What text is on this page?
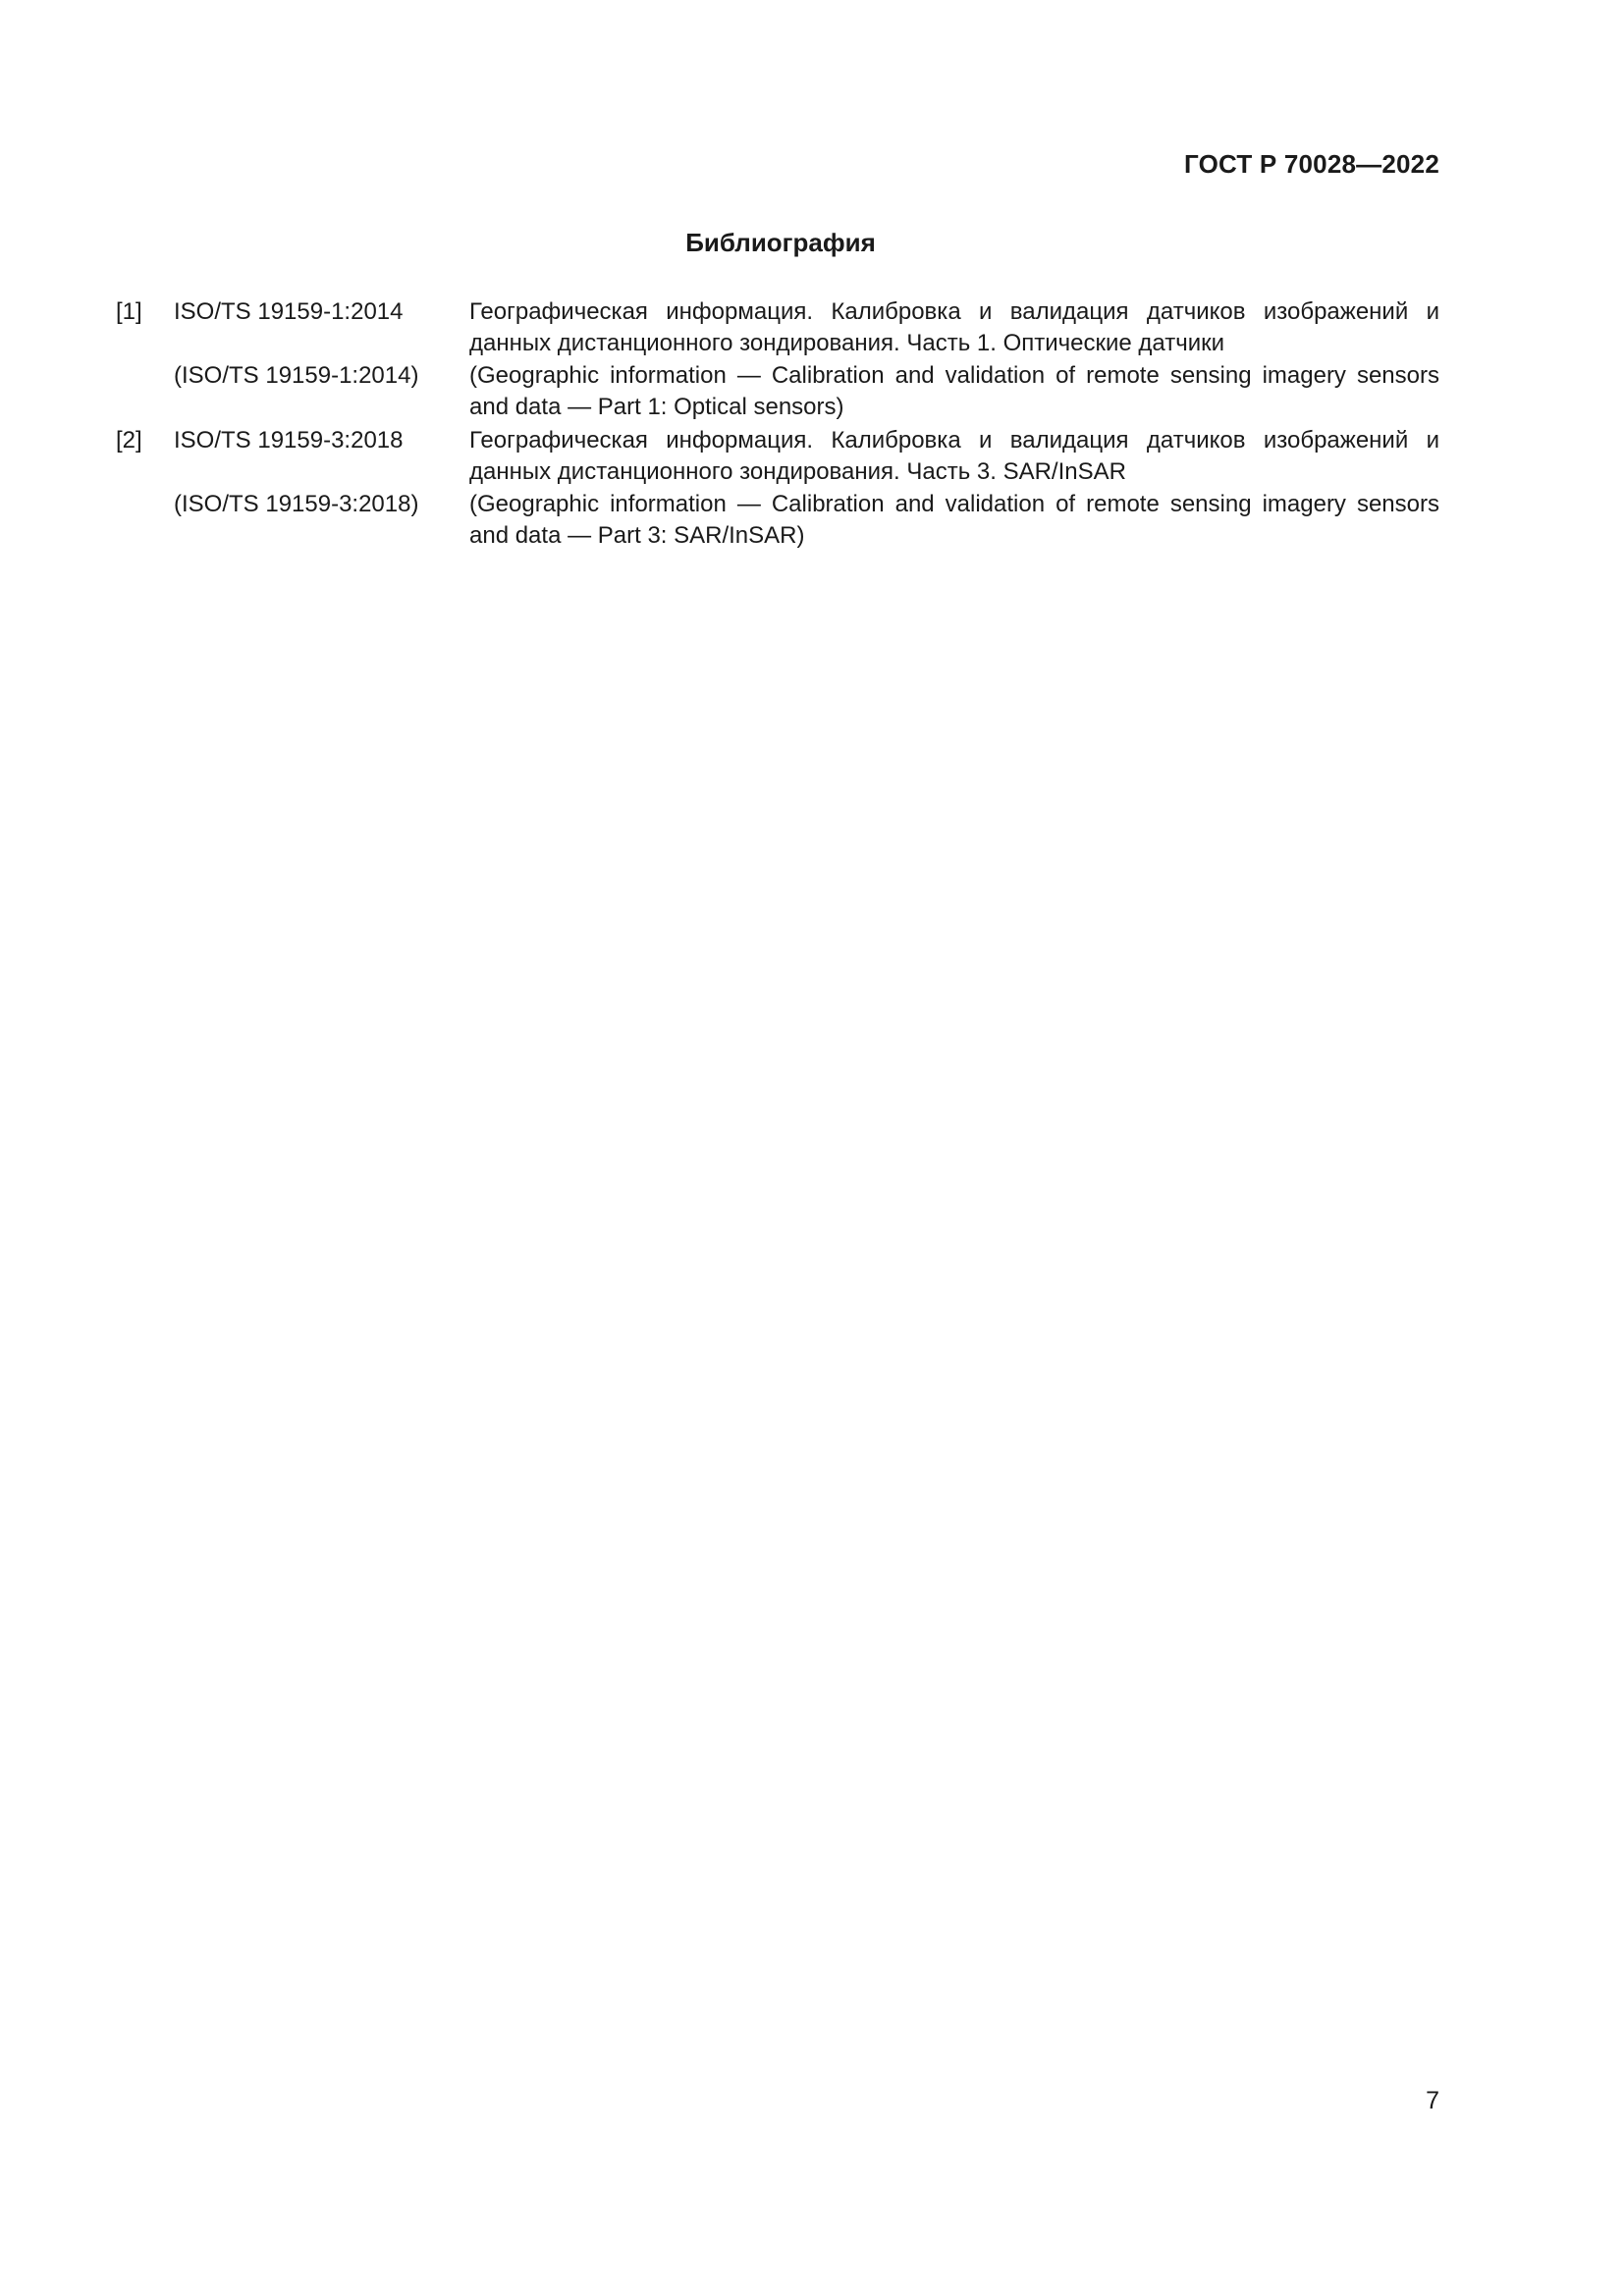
ГОСТ Р 70028—2022
Библиография
[1]	ISO/TS 19159-1:2014	Географическая информация. Калибровка и валидация датчиков изображений и данных дистанционного зондирования. Часть 1. Оптические датчики
(ISO/TS 19159-1:2014)	(Geographic information — Calibration and validation of remote sensing imagery sensors and data — Part 1: Optical sensors)
[2]	ISO/TS 19159-3:2018	Географическая информация. Калибровка и валидация датчиков изображений и данных дистанционного зондирования. Часть 3. SAR/InSAR
(ISO/TS 19159-3:2018)	(Geographic information — Calibration and validation of remote sensing imagery sensors and data — Part 3: SAR/InSAR)
7
